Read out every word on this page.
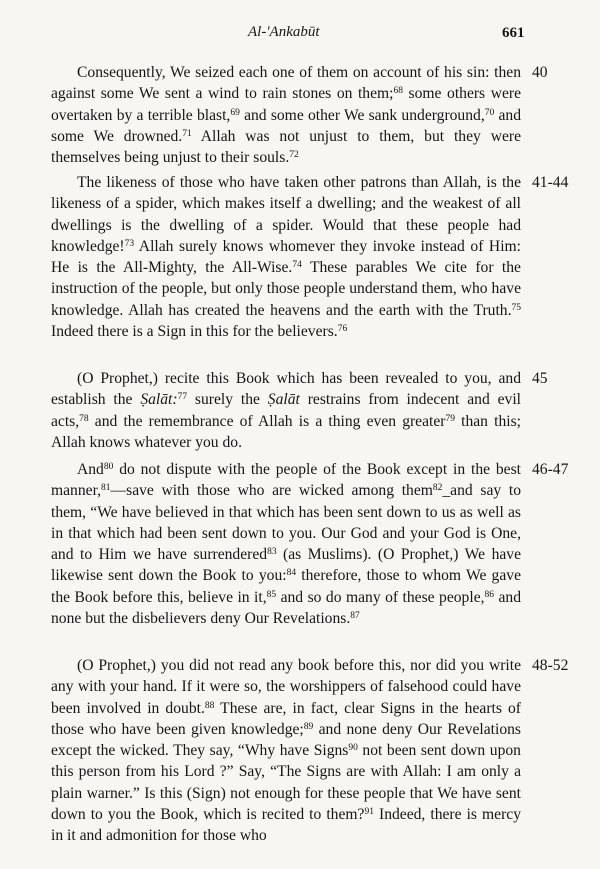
Al-'Ankabūt	661

Consequently, We seized each one of them on account of his sin: then against some We sent a wind to rain stones on them;$^{68}$ some others were overtaken by a terrible blast,$^{69}$ and some other We sank underground,$^{70}$ and some We drowned.$^{71}$ Allah was not unjust to them, but they were themselves being unjust to their souls.$^{72}$

40

The likeness of those who have taken other patrons than Allah, is the likeness of a spider, which makes itself a dwelling; and the weakest of all dwellings is the dwelling of a spider. Would that these people had knowledge!$^{73}$ Allah surely knows whomever they invoke instead of Him: He is the All-Mighty, the All-Wise.$^{74}$ These parables We cite for the instruction of the people, but only those people understand them, who have knowledge. Allah has created the heavens and the earth with the Truth.$^{75}$ Indeed there is a Sign in this for the believers.$^{76}$

41-44

(O Prophet,) recite this Book which has been revealed to you, and establish the Ṣalāt:$^{77}$ surely the Ṣalāt restrains from indecent and evil acts,$^{78}$ and the remembrance of Allah is a thing even greater$^{79}$ than this; Allah knows whatever you do.

45

And$^{80}$ do not dispute with the people of the Book except in the best manner,$^{81}$—save with those who are wicked among them$^{82}$_and say to them, “We have believed in that which has been sent down to us as well as in that which had been sent down to you. Our God and your God is One, and to Him we have surrendered$^{83}$ (as Muslims). (O Prophet,) We have likewise sent down the Book to you:$^{84}$ therefore, those to whom We gave the Book before this, believe in it,$^{85}$ and so do many of these people,$^{86}$ and none but the disbelievers deny Our Revelations.$^{87}$

46-47

(O Prophet,) you did not read any book before this, nor did you write any with your hand. If it were so, the worshippers of falsehood could have been involved in doubt.$^{88}$ These are, in fact, clear Signs in the hearts of those who have been given knowledge;$^{89}$ and none deny Our Revelations except the wicked. They say, “Why have Signs$^{90}$ not been sent down upon this person from his Lord ?” Say, “The Signs are with Allah: I am only a plain warner.” Is this (Sign) not enough for these people that We have sent down to you the Book, which is recited to them?$^{91}$ Indeed, there is mercy in it and admonition for those who

48-52
